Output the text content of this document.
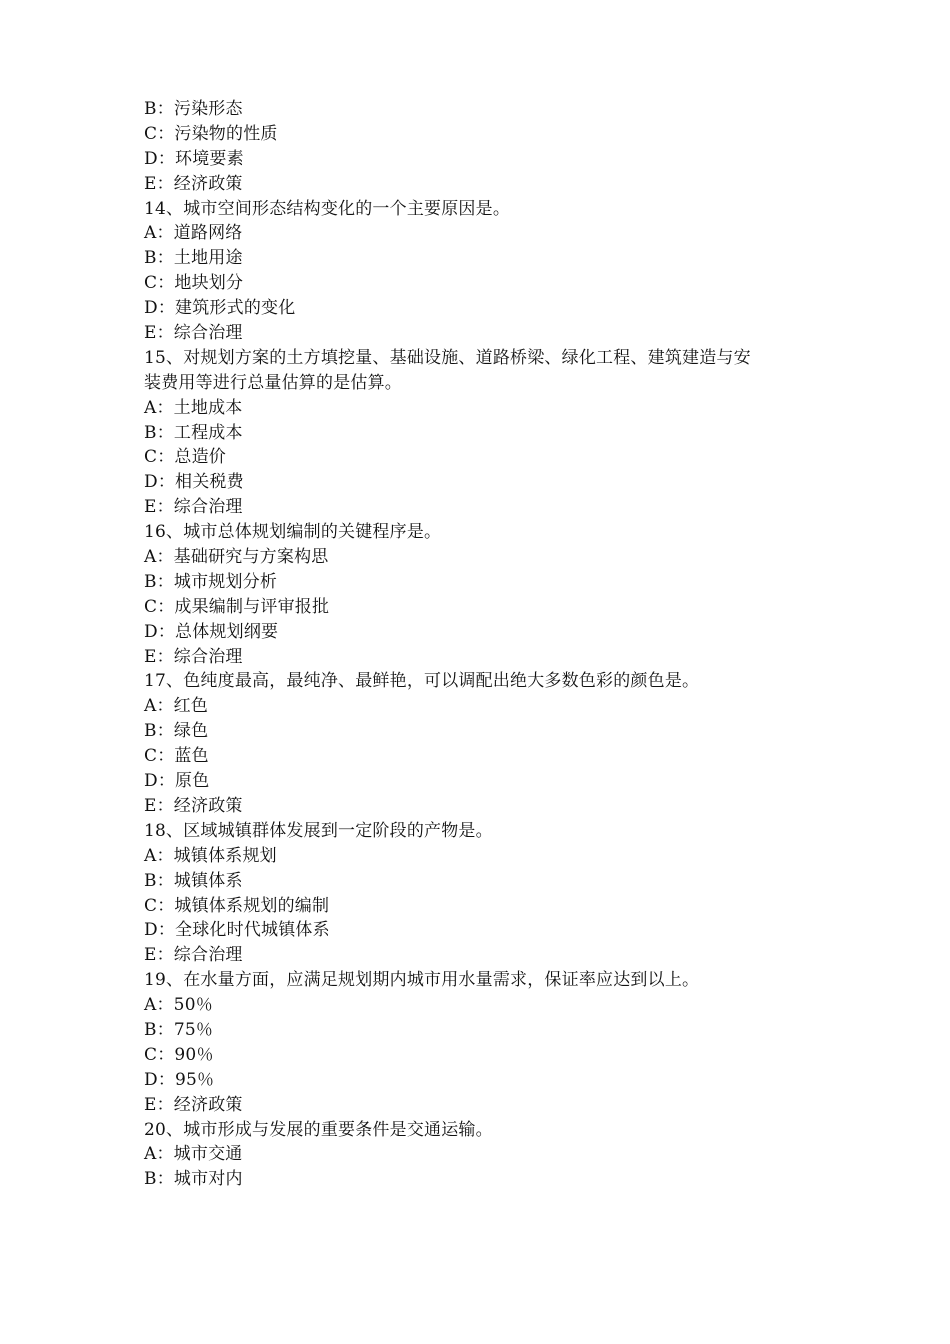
B：污染形态
C：污染物的性质
D：环境要素
E：经济政策
14、城市空间形态结构变化的一个主要原因是。
A：道路网络
B：土地用途
C：地块划分
D：建筑形式的变化
E：综合治理
15、对规划方案的土方填挖量、基础设施、道路桥梁、绿化工程、建筑建造与安
装费用等进行总量估算的是估算。
A：土地成本
B：工程成本
C：总造价
D：相关税费
E：综合治理
16、城市总体规划编制的关键程序是。
A：基础研究与方案构思
B：城市规划分析
C：成果编制与评审报批
D：总体规划纲要
E：综合治理
17、色纯度最高，最纯净、最鲜艳，可以调配出绝大多数色彩的颜色是。
A：红色
B：绿色
C：蓝色
D：原色
E：经济政策
18、区域城镇群体发展到一定阶段的产物是。
A：城镇体系规划
B：城镇体系
C：城镇体系规划的编制
D：全球化时代城镇体系
E：综合治理
19、在水量方面，应满足规划期内城市用水量需求，保证率应达到以上。
A：50％
B：75％
C：90％
D：95％
E：经济政策
20、城市形成与发展的重要条件是交通运输。
A：城市交通
B：城市对内
